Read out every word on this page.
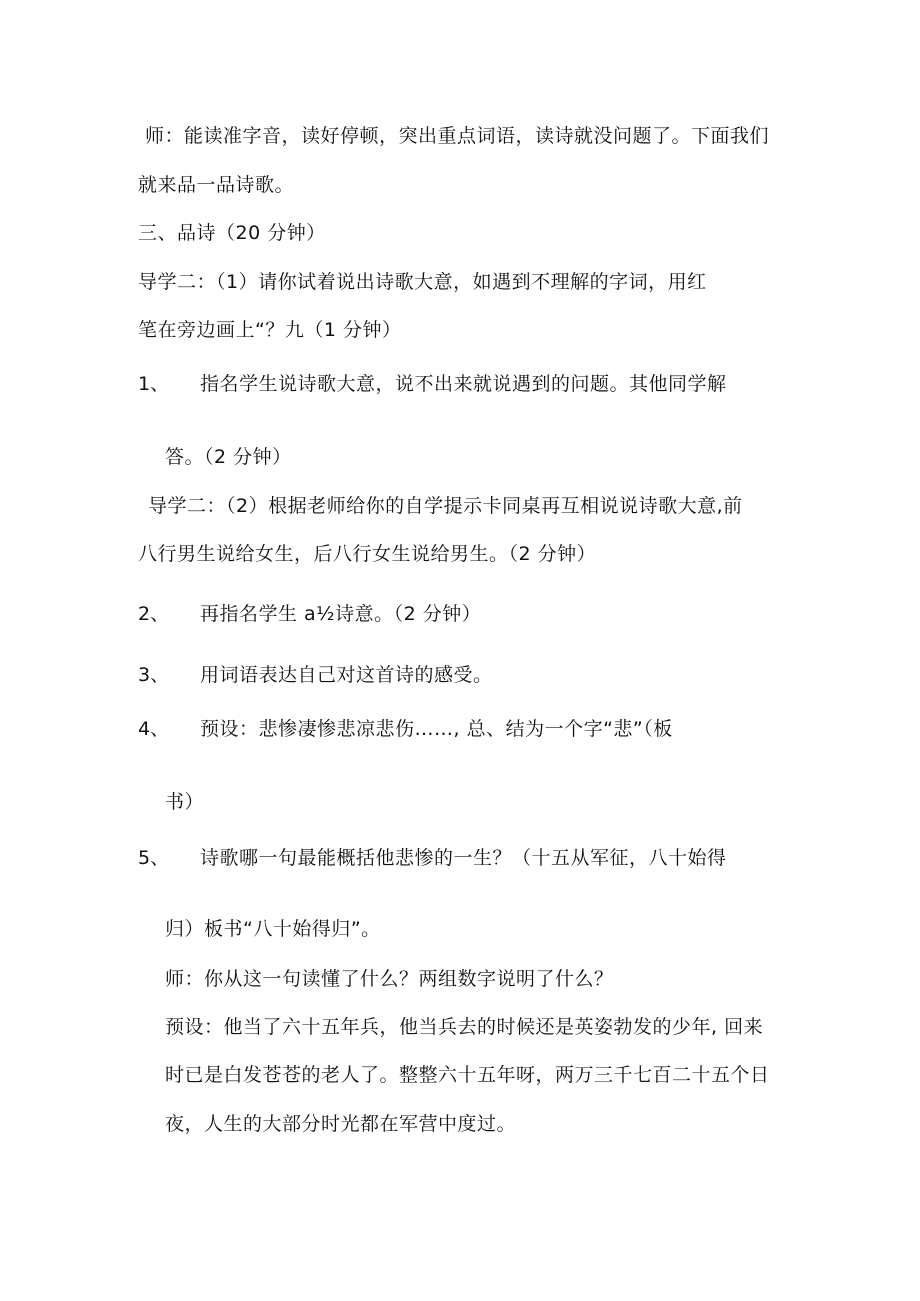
师：能读准字音，读好停顿，突出重点词语，读诗就没问题了。下面我们
就来品一品诗歌。
三、品诗（20 分钟）
导学二：（1）请你试着说出诗歌大意，如遇到不理解的字词，用红
笔在旁边画上“？九（1 分钟）
1、 指名学生说诗歌大意，说不出来就说遇到的问题。其他同学解
答。（2 分钟）
导学二：（2）根据老师给你的自学提示卡同桌再互相说说诗歌大意,前
八行男生说给女生，后八行女生说给男生。（2 分钟）
2、 再指名学生 a½诗意。（2 分钟）
3、 用词语表达自己对这首诗的感受。
4、 预设：悲惨凄惨悲凉悲伤……, 总、结为一个字“悲”（板
书）
5、 诗歌哪一句最能概括他悲惨的一生？（十五从军征，八十始得
归）板书“八十始得归”。
师：你从这一句读懂了什么？两组数字说明了什么？
预设：他当了六十五年兵，他当兵去的时候还是英姿勃发的少年, 回来
时已是白发苍苍的老人了。整整六十五年呀，两万三千七百二十五个日
夜，人生的大部分时光都在军营中度过。
